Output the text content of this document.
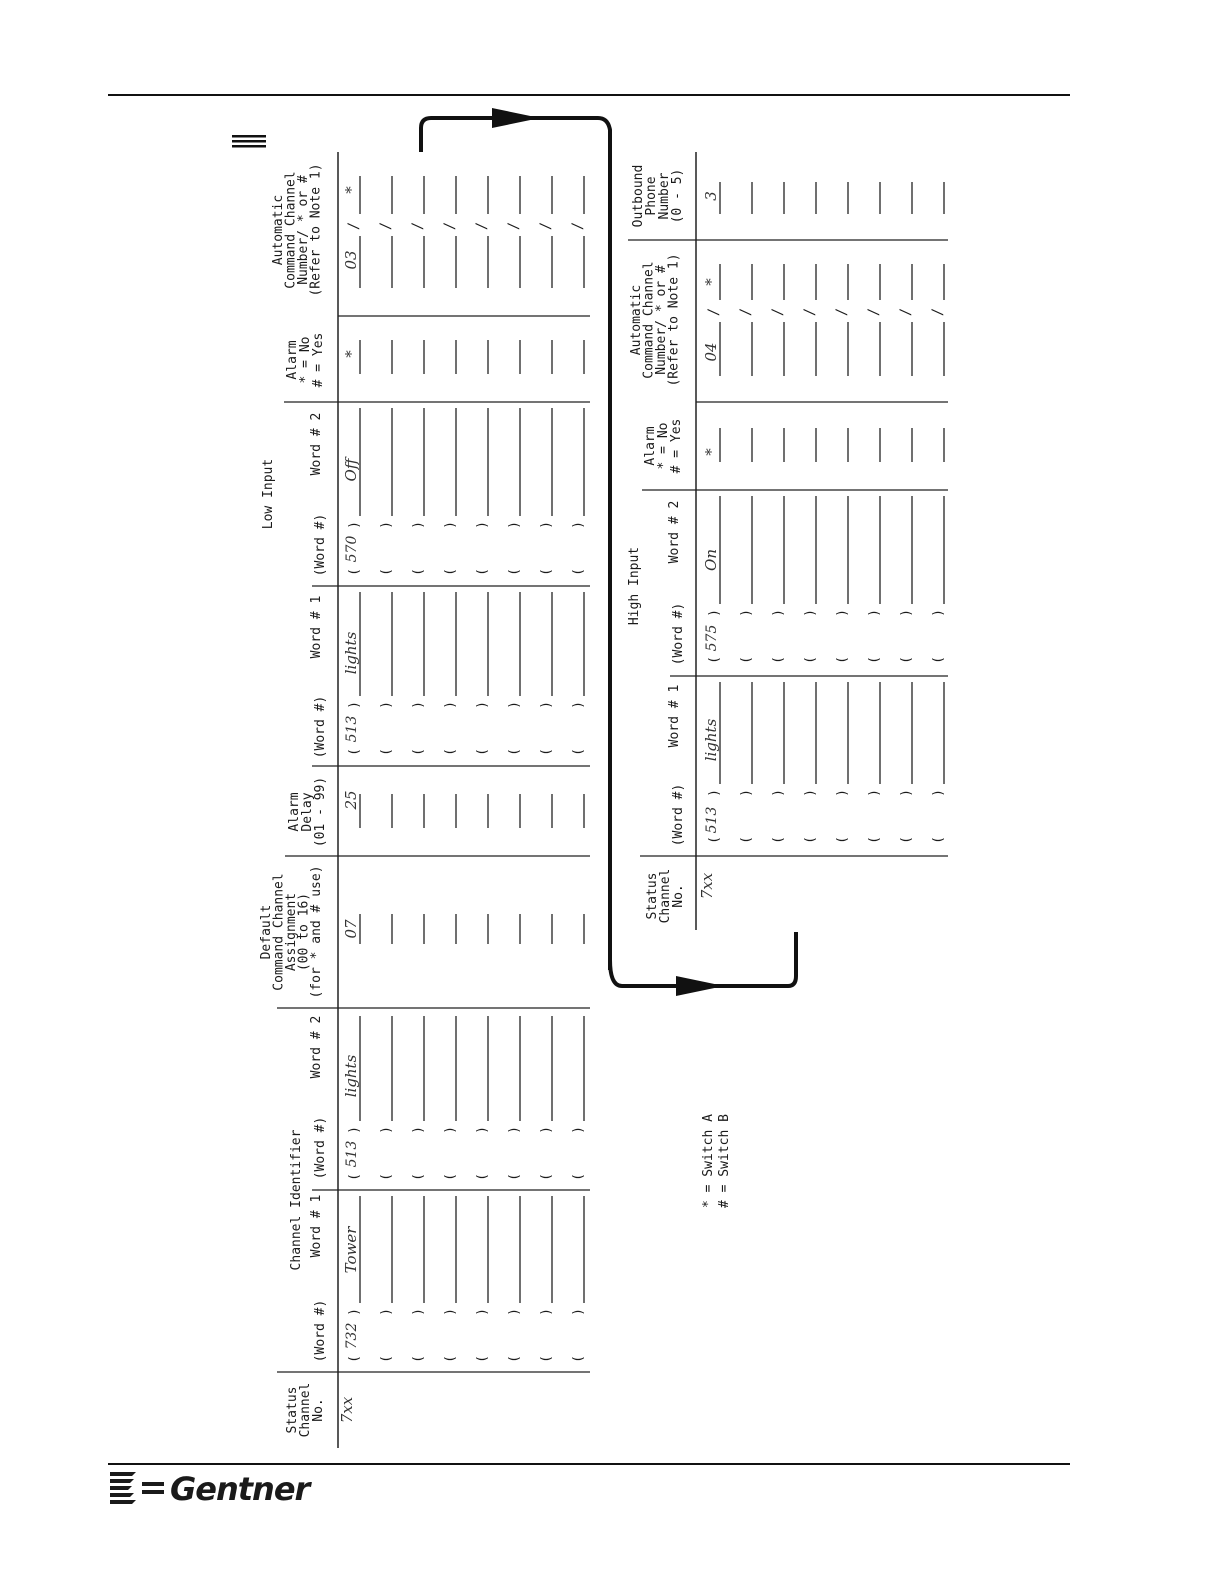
Low Input
Status
Channel
No.
Channel Identifier
(Word #)
Word # 1
(Word #)
Word # 2
Default
Command Channel
Assignment
(00 to 16)
(for * and # use)
Alarm
Delay
(01 - 99)
(Word #)
Word # 1
(Word #)
Word # 2
Alarm
* = No
# = Yes
Automatic
Command Channel
Number/ * or #
(Refer to Note 1)
(
)
(
)
(
)
(
)
/
(
)
(
)
(
)
(
)
/
(
)
(
)
(
)
(
)
/
(
)
(
)
(
)
(
)
/
(
)
(
)
(
)
(
)
/
(
)
(
)
(
)
(
)
/
(
)
(
)
(
)
(
)
/
(
)
(
)
(
)
(
)
/
7xx
732
Tower
513
lights
07
25
513
lights
570
Off
*
03
*
High Input
Status
Channel
No.
(Word #)
Word # 1
(Word #)
Word # 2
Alarm
* = No
# = Yes
Automatic
Command Channel
Number/ * or #
(Refer to Note 1)
Outbound
Phone
Number
(0 - 5)
(
)
(
)
/
(
)
(
)
/
(
)
(
)
/
(
)
(
)
/
(
)
(
)
/
(
)
(
)
/
(
)
(
)
/
(
)
(
)
/
7xx
513
lights
575
On
*
04
*
3
* = Switch A # = Switch B
Gentner
